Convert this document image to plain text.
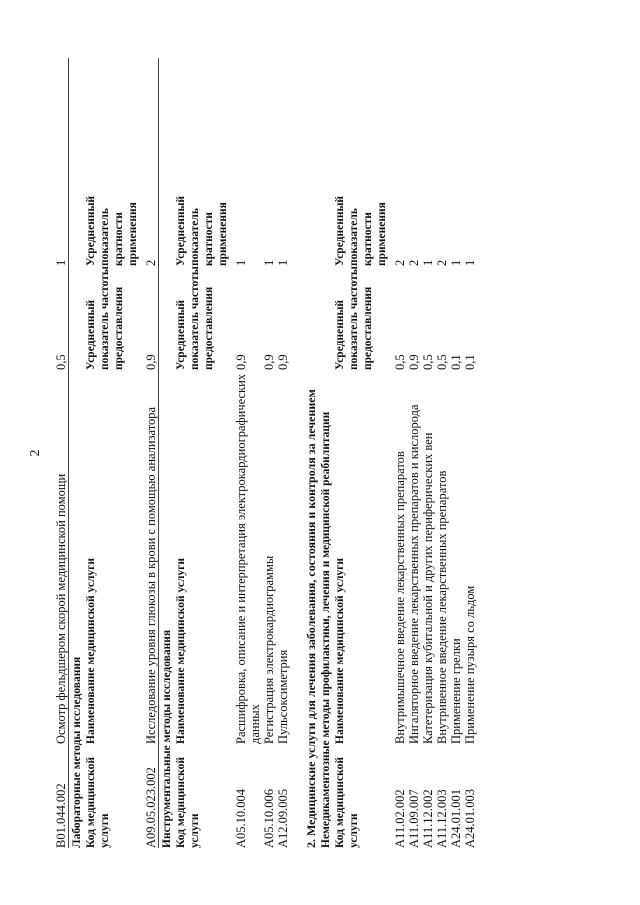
2
B01.044.002
Осмотр фельдшером скорой медицинской помощи
0,5
1
Лабораторные методы исследования Код медицинской услуги
Наименование медицинской услуги
Усредненный показатель частоты предоставления
Усредненный показатель кратности применения
A09.05.023.002
Исследование уровня глюкозы в крови с помощью анализатора
0,9
2
Инструментальные методы исследования Код медицинской услуги
Наименование медицинской услуги
Усредненный показатель частоты предоставления
Усредненный показатель кратности применения
A05.10.004
Расшифровка, описание и интерпретация электрокардиографических данных
0,9
1
A05.10.006
Регистрация электрокардиограммы
0,9
1
A12.09.005
Пульсоксиметрия
0,9
1
2. Медицинские услуги для лечения заболевания, состояния и контроля за лечением Немедикаментозные методы профилактики, лечения и медицинской реабилитации Код медицинской услуги
Наименование медицинской услуги
Усредненный показатель частоты предоставления
Усредненный показатель кратности применения
A11.02.002
Внутримышечное введение лекарственных препаратов
0,5
2
A11.09.007
Ингаляторное введение лекарственных препаратов и кислорода
0,9
2
A11.12.002
Катетеризация кубитальной и других периферических вен
0,5
1
A11.12.003
Внутривенное введение лекарственных препаратов
0,5
2
A24.01.001
Применение грелки
0,1
1
A24.01.003
Применение пузыря со льдом
0,1
1
